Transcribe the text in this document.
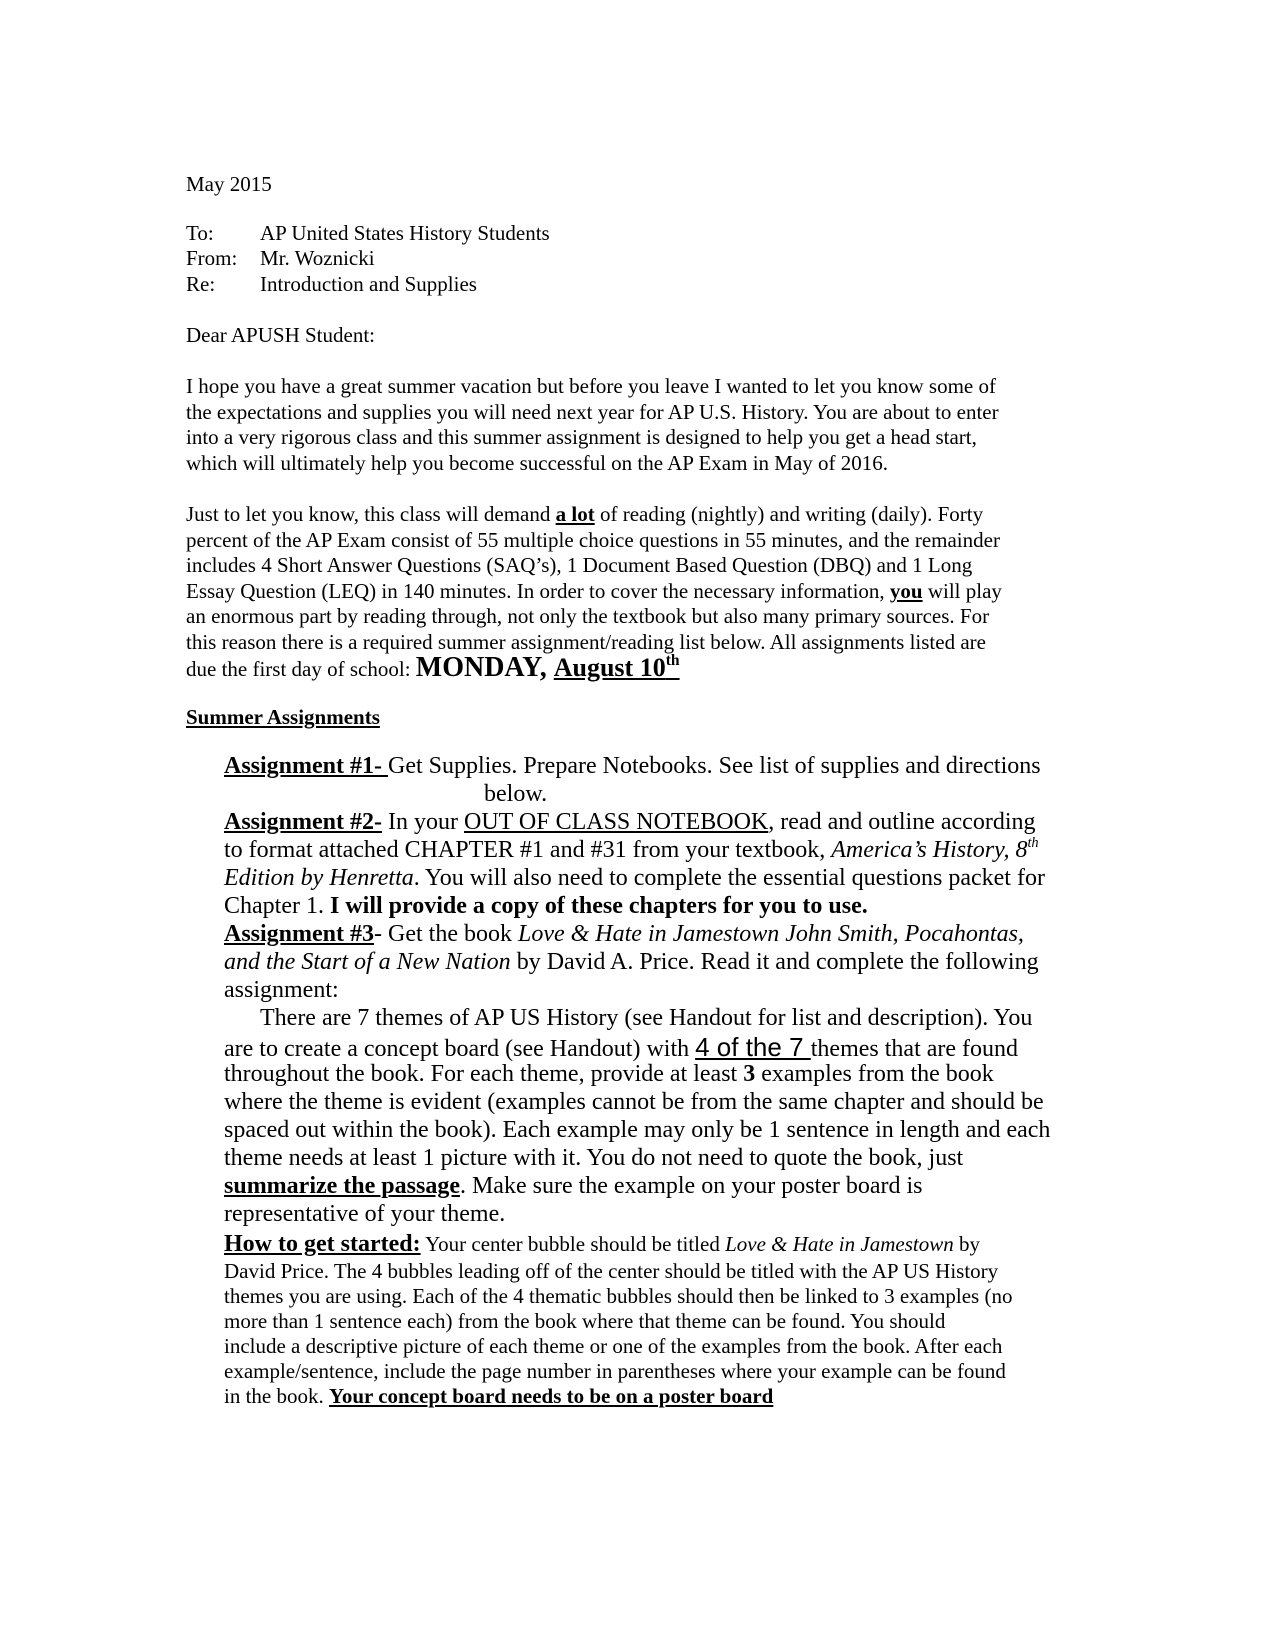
May 2015
To: AP United States History Students
From: Mr. Woznicki
Re: Introduction and Supplies
Dear APUSH Student:
I hope you have a great summer vacation but before you leave I wanted to let you know some of
the expectations and supplies you will need next year for AP U.S. History. You are about to enter
into a very rigorous class and this summer assignment is designed to help you get a head start,
which will ultimately help you become successful on the AP Exam in May of 2016.
Just to let you know, this class will demand a lot of reading (nightly) and writing (daily). Forty
percent of the AP Exam consist of 55 multiple choice questions in 55 minutes, and the remainder
includes 4 Short Answer Questions (SAQ’s), 1 Document Based Question (DBQ) and 1 Long
Essay Question (LEQ) in 140 minutes. In order to cover the necessary information, you will play
an enormous part by reading through, not only the textbook but also many primary sources. For
this reason there is a required summer assignment/reading list below. All assignments listed are
due the first day of school: MONDAY, August 10th
Summer Assignments
Assignment #1- Get Supplies. Prepare Notebooks. See list of supplies and directions
below.
Assignment #2- In your OUT OF CLASS NOTEBOOK, read and outline according
to format attached CHAPTER #1 and #31 from your textbook, America’s History, 8th
Edition by Henretta. You will also need to complete the essential questions packet for
Chapter 1. I will provide a copy of these chapters for you to use.
Assignment #3- Get the book Love & Hate in Jamestown John Smith, Pocahontas,
and the Start of a New Nation by David A. Price. Read it and complete the following
assignment:
There are 7 themes of AP US History (see Handout for list and description). You
are to create a concept board (see Handout) with 4 of the 7 themes that are found
throughout the book. For each theme, provide at least 3 examples from the book
where the theme is evident (examples cannot be from the same chapter and should be
spaced out within the book). Each example may only be 1 sentence in length and each
theme needs at least 1 picture with it. You do not need to quote the book, just
summarize the passage. Make sure the example on your poster board is
representative of your theme.
How to get started: Your center bubble should be titled Love & Hate in Jamestown by
David Price. The 4 bubbles leading off of the center should be titled with the AP US History
themes you are using. Each of the 4 thematic bubbles should then be linked to 3 examples (no
more than 1 sentence each) from the book where that theme can be found. You should
include a descriptive picture of each theme or one of the examples from the book. After each
example/sentence, include the page number in parentheses where your example can be found
in the book. Your concept board needs to be on a poster board
